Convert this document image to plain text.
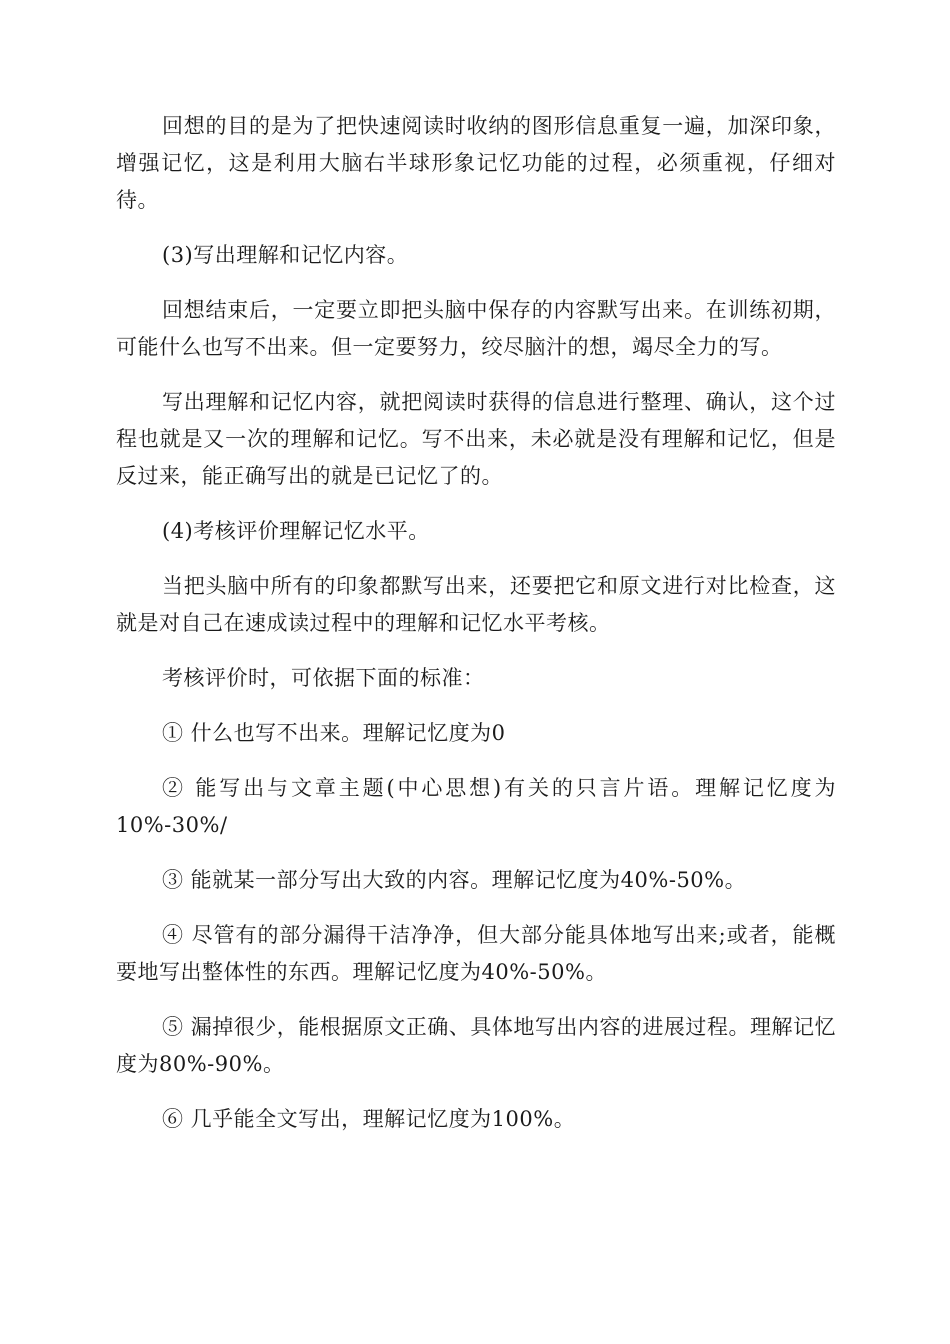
回想的目的是为了把快速阅读时收纳的图形信息重复一遍，加深印象，增强记忆，这是利用大脑右半球形象记忆功能的过程，必须重视，仔细对待。

(3)写出理解和记忆内容。

回想结束后，一定要立即把头脑中保存的内容默写出来。在训练初期，可能什么也写不出来。但一定要努力，绞尽脑汁的想，竭尽全力的写。

写出理解和记忆内容，就把阅读时获得的信息进行整理、确认，这个过程也就是又一次的理解和记忆。写不出来，未必就是没有理解和记忆，但是反过来，能正确写出的就是已记忆了的。

(4)考核评价理解记忆水平。

当把头脑中所有的印象都默写出来，还要把它和原文进行对比检查，这就是对自己在速成读过程中的理解和记忆水平考核。

考核评价时，可依据下面的标准：

① 什么也写不出来。理解记忆度为0

② 能写出与文章主题(中心思想)有关的只言片语。理解记忆度为10%-30%/

③ 能就某一部分写出大致的内容。理解记忆度为40%-50%。

④ 尽管有的部分漏得干洁净净，但大部分能具体地写出来;或者，能概要地写出整体性的东西。理解记忆度为40%-50%。

⑤ 漏掉很少，能根据原文正确、具体地写出内容的进展过程。理解记忆度为80%-90%。

⑥ 几乎能全文写出，理解记忆度为100%。
